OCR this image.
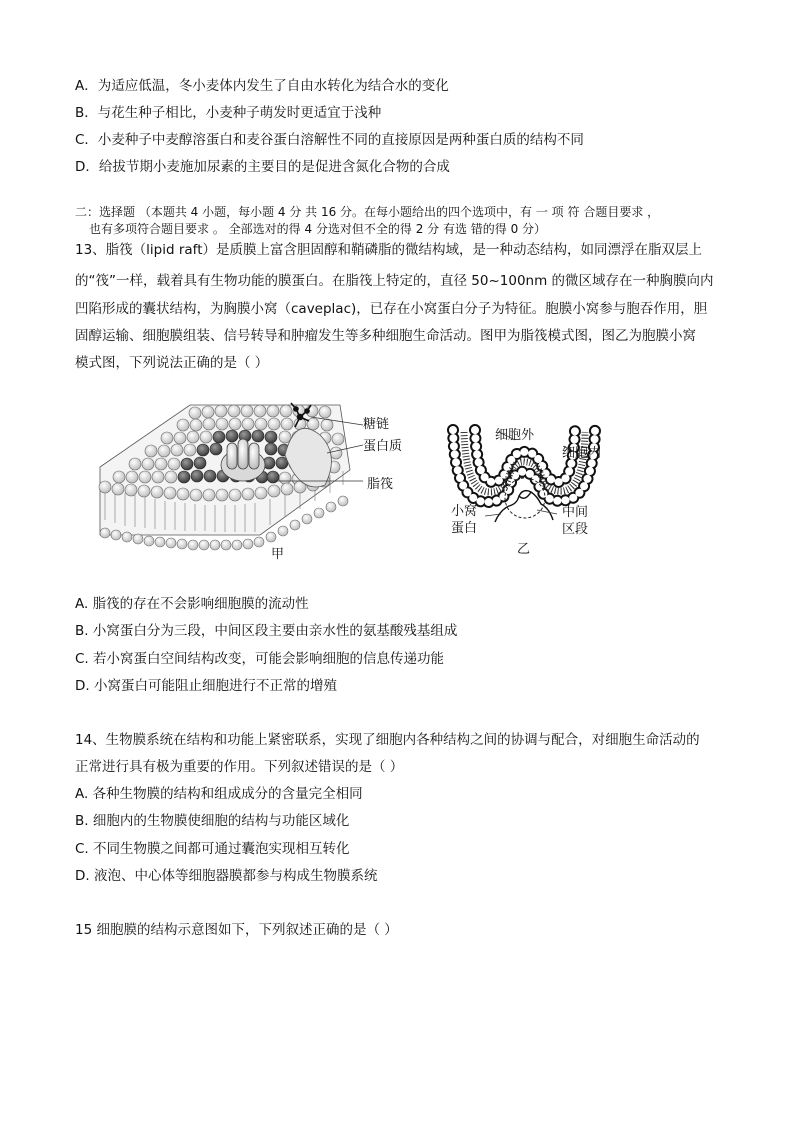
A．为适应低温，冬小麦体内发生了自由水转化为结合水的变化
B．与花生种子相比，小麦种子萌发时更适宜于浅种
C．小麦种子中麦醇溶蛋白和麦谷蛋白溶解性不同的直接原因是两种蛋白质的结构不同
D．给拔节期小麦施加尿素的主要目的是促进含氮化合物的合成
二：选择题 （本题共 4 小题，每小题 4 分 共 16 分。在每小题给出的四个选项中，有 一 项 符 合题目要求 ，
也有多项符合题目要求 。 全部选对的得 4 分选对但不全的得 2 分 有选 错的得 0 分）
13、脂筏（lipid raft）是质膜上富含胆固醇和鞘磷脂的微结构域，是一种动态结构，如同漂浮在脂双层上
的“筏”一样，载着具有生物功能的膜蛋白。在脂筏上特定的，直径 50~100nm 的微区域存在一种胸膜向内
凹陷形成的囊状结构，为胸膜小窝（caveplac)，已存在小窝蛋白分子为特征。胞膜小窝参与胞吞作用，胆
固醇运输、细胞膜组装、信号转导和肿瘤发生等多种细胞生命活动。图甲为脂筏模式图，图乙为胞膜小窝
模式图，下列说法正确的是（ ）
糖链
蛋白质
脂筏
甲
细胞外
细胞内
小窝
蛋白
中间
区段
乙
A. 脂筏的存在不会影响细胞膜的流动性
B. 小窝蛋白分为三段，中间区段主要由亲水性的氨基酸残基组成
C. 若小窝蛋白空间结构改变，可能会影响细胞的信息传递功能
D. 小窝蛋白可能阻止细胞进行不正常的增殖
14、生物膜系统在结构和功能上紧密联系，实现了细胞内各种结构之间的协调与配合，对细胞生命活动的
正常进行具有极为重要的作用。下列叙述错误的是（ ）
A. 各种生物膜的结构和组成成分的含量完全相同
B. 细胞内的生物膜使细胞的结构与功能区域化
C. 不同生物膜之间都可通过囊泡实现相互转化
D. 液泡、中心体等细胞器膜都参与构成生物膜系统
15 细胞膜的结构示意图如下，下列叙述正确的是（ ）
